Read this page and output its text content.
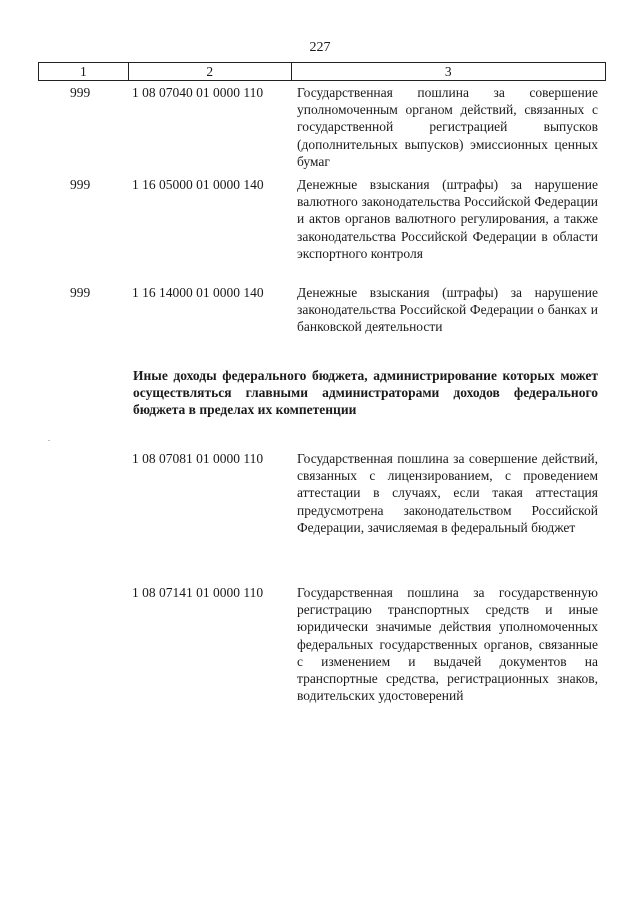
227
1	2	3
999	1 08 07040 01 0000 110	Государственная пошлина за совершение уполномоченным органом действий, связанных с государственной регистрацией выпусков (дополнительных выпусков) эмиссионных ценных бумаг
999	1 16 05000 01 0000 140 Денежные взыскания (штрафы) за нарушение валютного законодательства Российской Федерации и актов органов валютного регулирования, а также законодательства Российской Федерации в области экспортного контроля
999	1 16 14000 01 0000 140 Денежные взыскания (штрафы) за нарушение законодательства Российской Федерации о банках и банковской деятельности
Иные доходы федерального бюджета, администрирование которых может осуществляться главными администраторами доходов федерального бюджета в пределах их компетенции
.
1 08 07081 01 0000 110	Государственная пошлина за совершение действий, связанных с лицензированием, с проведением аттестации в случаях, если такая аттестация предусмотрена законодательством Российской Федерации, зачисляемая в федеральный бюджет
1 08 07141 01 0000 110	Государственная пошлина за государственную регистрацию транспортных средств и иные юридически значимые действия уполномоченных федеральных государственных органов, связанные с изменением и выдачей документов на транспортные средства, регистрационных знаков, водительских удостоверений
